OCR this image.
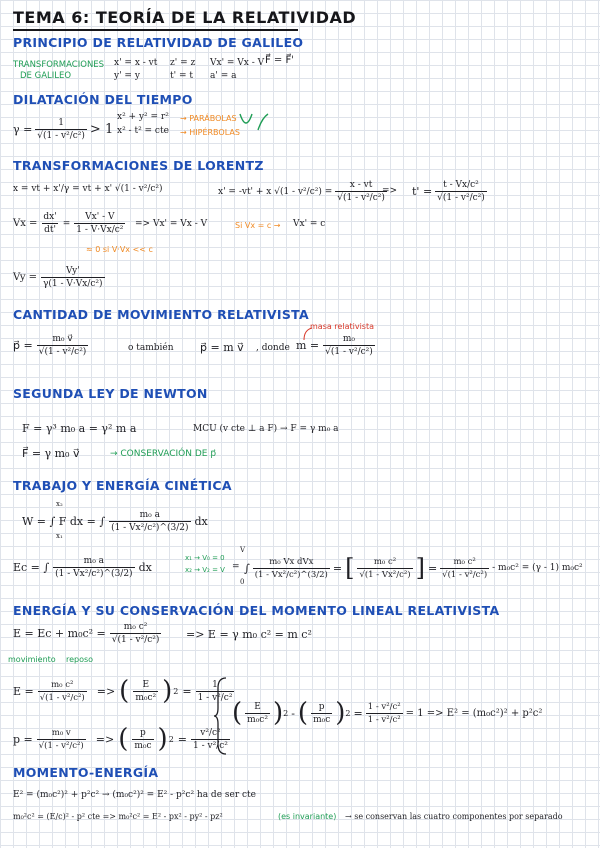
TEMA 6: TEORÍA DE LA RELATIVIDAD
PRINCIPIO DE RELATIVIDAD DE GALILEO
TRANSFORMACIONES
DE GALILEO
x' = x - vt z' = z Vx' = Vx - V F⃗ = F⃗'
y' = y	t' = t a' = a
DILATACIÓN DEL TIEMPO
$\gamma = \frac{1}{\text{√(1 - v²/c²)}} > 1$
x² + y² = r² → PARÁBOLAS
x² - t² = cte → HIPÉRBOLAS
TRANSFORMACIONES DE LORENTZ
x = vt + x'/γ = vt + x' √(1 - v²/c²)	x' = -vt' + x $√(1 - v^2/c^2) = \frac{x - vt}{\text{√(1 - v²/c²)}}$
=> $t' = \frac{\text{t - Vx/c²}}{\text{√(1 - v²/c²)}}$
$Vx = \frac{dx'}{dt'} = \frac{Vx' - V}{\text{1 - V·Vx/c²}}$
≈ 0 si V·Vx << c
=> Vx' = Vx - V	Si Vx = c → Vx' = c
$Vy = \frac{Vy'}{\text{γ(1 - V·Vx/c²)}}$
CANTIDAD DE MOVIMIENTO RELATIVISTA
masa relativista
p⃗ = $\frac{\text{m₀ v⃗}}{\text{√(1 - v²/c²)}}$	o también p⃗ = m v⃗ , donde $m = \frac{\text{m₀}}{\text{√(1 - v²/c²)}}$
SEGUNDA LEY DE NEWTON
F = γ³ m₀ a = γ² m a	MCU (v cte ⊥ a F) → F = γ m₀ a
F⃗ = γ m₀ v⃗	→ CONSERVACIÓN DE p⃗
TRABAJO Y ENERGÍA CINÉTICA
x₂
x₁
W = ∫ F dx = ∫ $\frac{\text{m₀ a}}{\text{(1 - Vx²/c²)\textasciicircum{}(3/2)}}$ dx
Ec = ∫ $\frac{\text{m₀ a}}{\text{(1 - Vx²/c²)\textasciicircum{}(3/2)}}$ dx
x₁ → V₀ = 0
x₂ → V₂ = V =
V
0
∫ $\frac{\text{m₀ Vx dVx}}{\text{(1 - Vx²/c²)\textasciicircum{}(3/2)}}$ = [ $\frac{\text{m₀ c²}}{\text{√(1 - Vx²/c²)}}$ ] = $\frac{\text{m₀ c²}}{\text{√(1 - v²/c²)}} - m_0c^2 = (\gamma - 1)$ m₀c²
ENERGÍA Y SU CONSERVACIÓN DEL MOMENTO LINEAL RELATIVISTA
$E = Ec + m_0c^2 = \frac{\text{m₀ c²}}{\text{√(1 - v²/c²)}} => E = \gamma$ m₀ c² = m c²
movimiento reposo
$E = \frac{\text{m₀ c²}}{\text{√(1 - v²/c²)}}$ => ( $\frac{E}{\text{m₀c²}}$ ) $2 = \frac{1}{\text{1 - v²/c²}}$
$p = \frac{\text{m₀ v}}{\text{√(1 - v²/c²)}}$ => ( $\frac{p}{\text{m₀c}}$ ) $2 = \frac{\text{v²/c²}}{\text{1 - v²/c²}}$
( $\frac{E}{\text{m₀c²}}$ ) 2 - ( $\frac{p}{\text{m₀c}}$ ) $2 = \frac{\text{1 - v²/c²}}{\text{1 - v²/c²}} = 1 => E^2 = (m_0c^2)^2 + p^2c^2$
MOMENTO-ENERGÍA
E² = (m₀c²)² + p²c² → (m₀c²)² = E² - p²c² ha de ser cte
m₀²c² = (E/c)² - p² cte => m₀²c² = E² - px² - py² - pz²	(es invariante) → se conservan las cuatro componentes por separado
